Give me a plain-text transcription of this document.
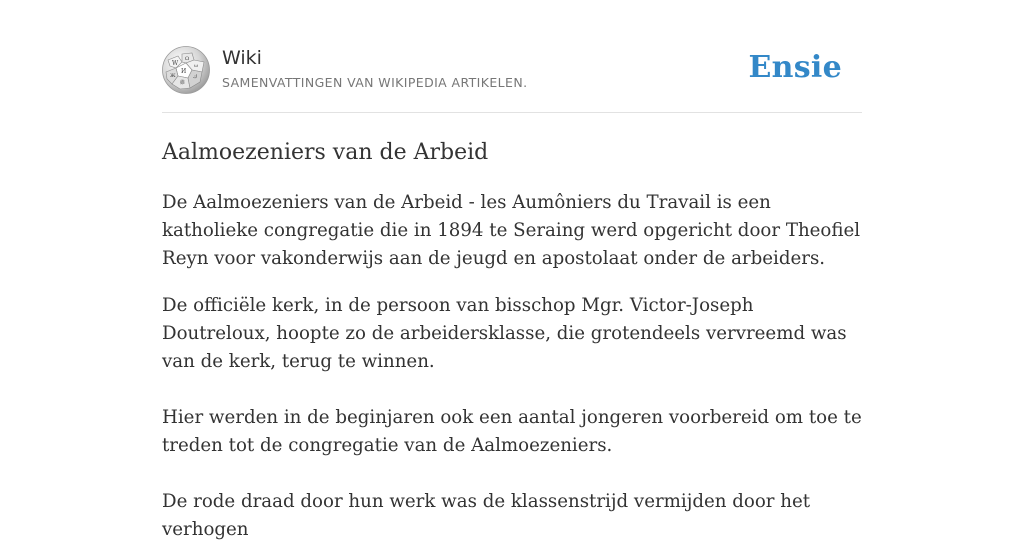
W
Ω
ω
И
Ж	ك
維
Wiki
SAMENVATTINGEN VAN WIKIPEDIA ARTIKELEN.	Ensie
Aalmoezeniers van de Arbeid

De Aalmoezeniers van de Arbeid - les Aumôniers du Travail is een katholieke congregatie die in 1894 te Seraing werd opgericht door Theofiel Reyn voor vakonderwijs aan de jeugd en apostolaat onder de arbeiders.

De officiële kerk, in de persoon van bisschop Mgr. Victor-Joseph Doutreloux, hoopte zo de arbeidersklasse, die grotendeels vervreemd was van de kerk, terug te winnen.

Hier werden in de beginjaren ook een aantal jongeren voorbereid om toe te treden tot de congregatie van de Aalmoezeniers.

De rode draad door hun werk was de klassenstrijd vermijden door het verhogen
